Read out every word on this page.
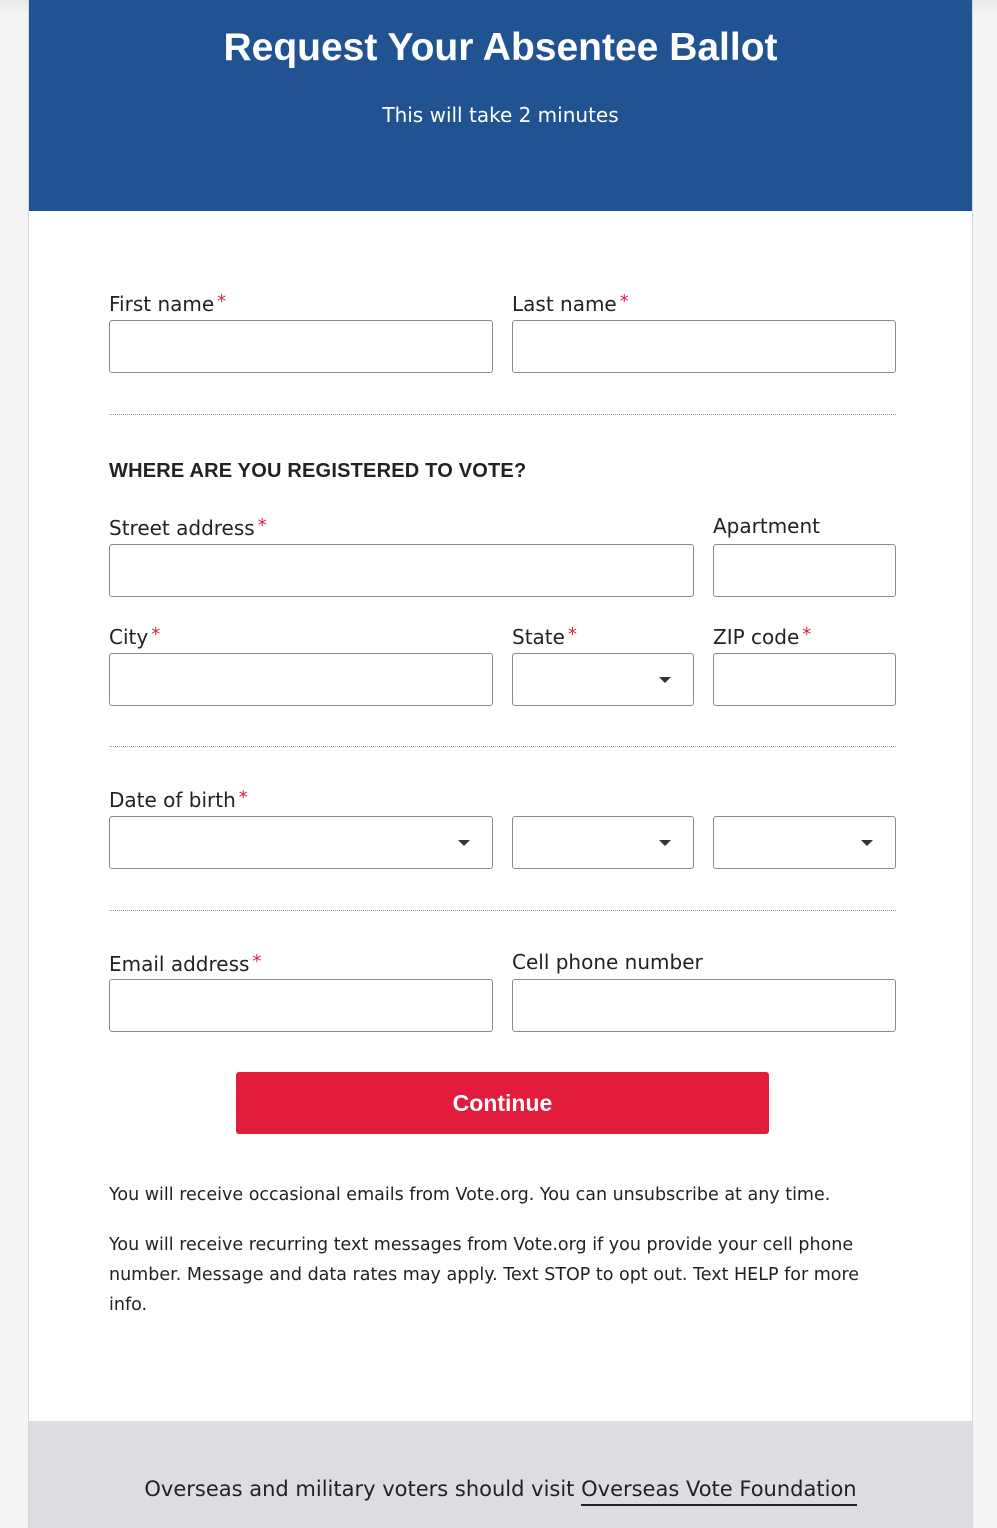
Request Your Absentee Ballot
This will take 2 minutes
First name *	Last name *
WHERE ARE YOU REGISTERED TO VOTE?
Street address *	Apartment
City *	State *	ZIP code *
Date of birth *
Email address *	Cell phone number
Continue
You will receive occasional emails from Vote.org. You can unsubscribe at any time.
You will receive recurring text messages from Vote.org if you provide your cell phone number. Message and data rates may apply. Text STOP to opt out. Text HELP for more info.
Overseas and military voters should visit Overseas Vote Foundation
